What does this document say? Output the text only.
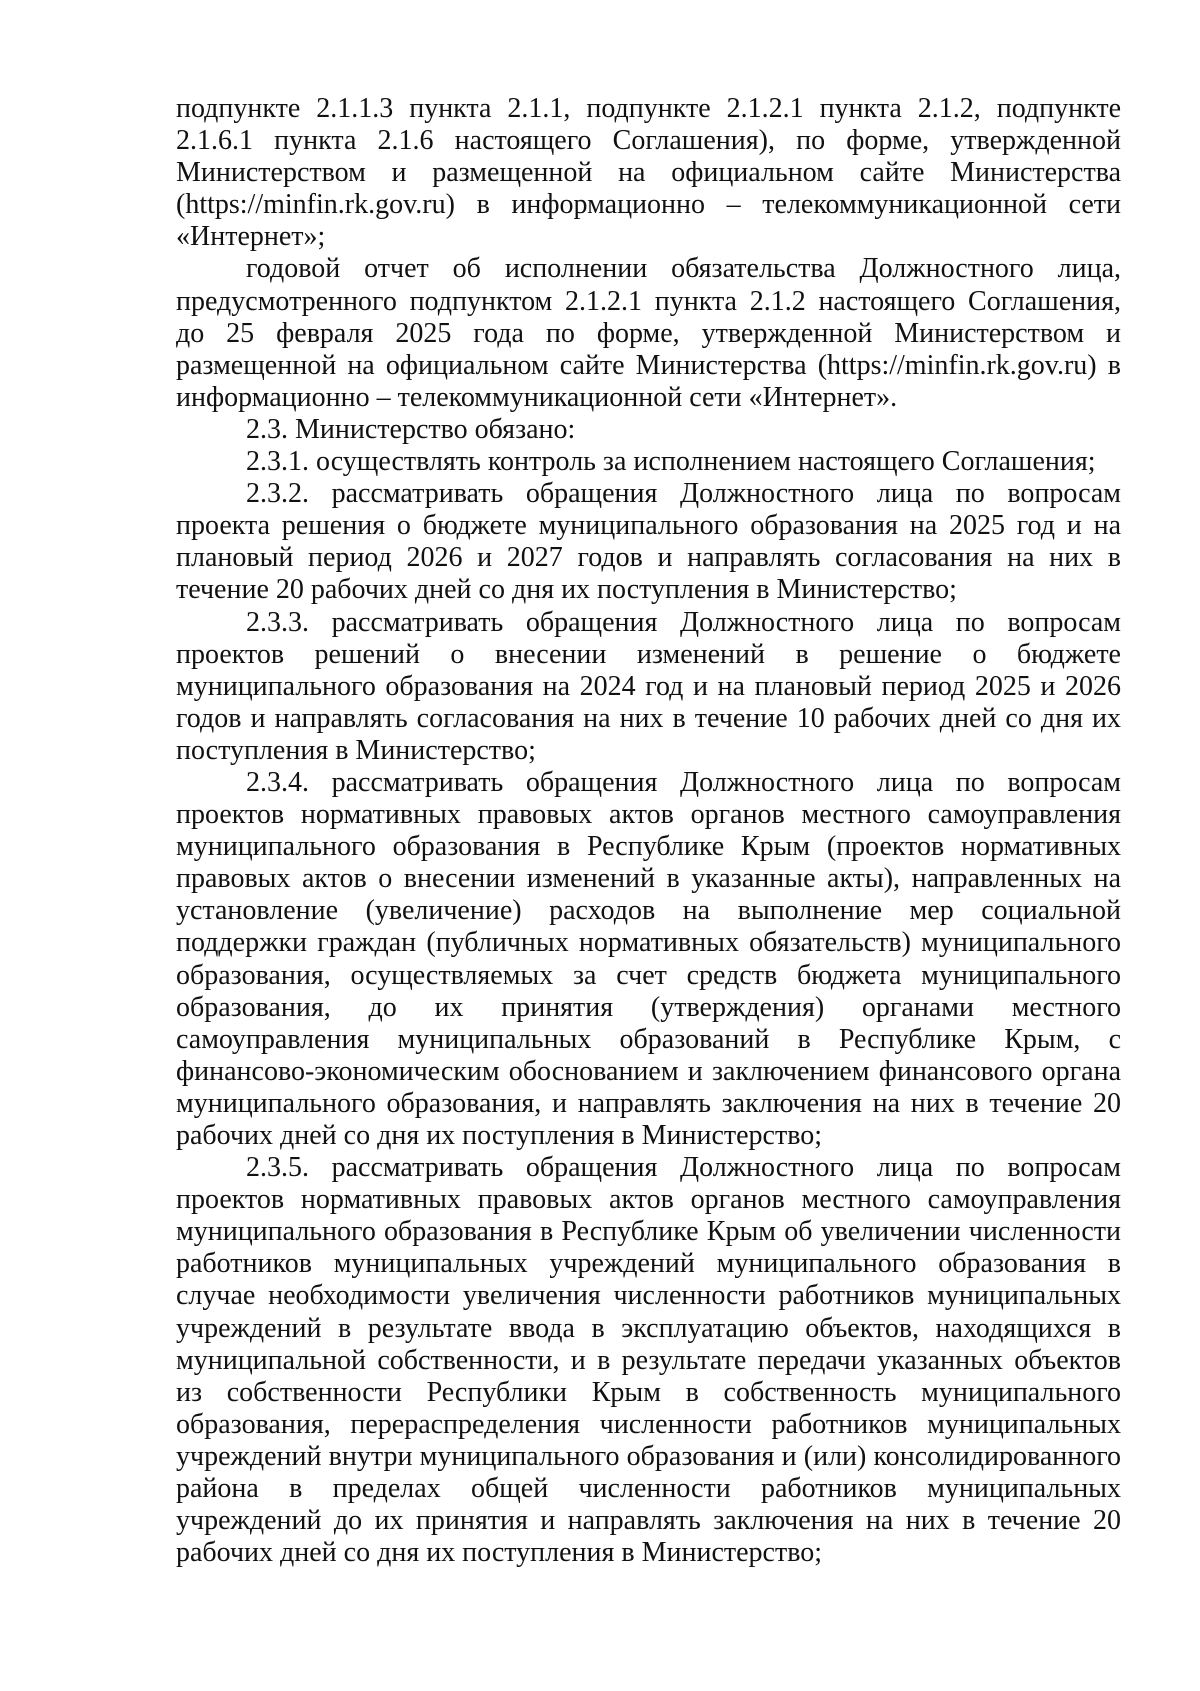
подпункте 2.1.1.3 пункта 2.1.1, подпункте 2.1.2.1 пункта 2.1.2, подпункте 2.1.6.1 пункта 2.1.6 настоящего Соглашения), по форме, утвержденной Министерством и размещенной на официальном сайте Министерства (https://minfin.rk.gov.ru) в информационно – телекоммуникационной сети «Интернет»;

годовой отчет об исполнении обязательства Должностного лица, предусмотренного подпунктом 2.1.2.1 пункта 2.1.2 настоящего Соглашения, до 25 февраля 2025 года по форме, утвержденной Министерством и размещенной на официальном сайте Министерства (https://minfin.rk.gov.ru) в информационно – телекоммуникационной сети «Интернет».

2.3. Министерство обязано:

2.3.1. осуществлять контроль за исполнением настоящего Соглашения;

2.3.2. рассматривать обращения Должностного лица по вопросам проекта решения о бюджете муниципального образования на 2025 год и на плановый период 2026 и 2027 годов и направлять согласования на них в течение 20 рабочих дней со дня их поступления в Министерство;

2.3.3. рассматривать обращения Должностного лица по вопросам проектов решений о внесении изменений в решение о бюджете муниципального образования на 2024 год и на плановый период 2025 и 2026 годов и направлять согласования на них в течение 10 рабочих дней со дня их поступления в Министерство;

2.3.4. рассматривать обращения Должностного лица по вопросам проектов нормативных правовых актов органов местного самоуправления муниципального образования в Республике Крым (проектов нормативных правовых актов о внесении изменений в указанные акты), направленных на установление (увеличение) расходов на выполнение мер социальной поддержки граждан (публичных нормативных обязательств) муниципального образования, осуществляемых за счет средств бюджета муниципального образования, до их принятия (утверждения) органами местного самоуправления муниципальных образований в Республике Крым, с финансово-экономическим обоснованием и заключением финансового органа муниципального образования, и направлять заключения на них в течение 20 рабочих дней со дня их поступления в Министерство;

2.3.5. рассматривать обращения Должностного лица по вопросам проектов нормативных правовых актов органов местного самоуправления муниципального образования в Республике Крым об увеличении численности работников муниципальных учреждений муниципального образования в случае необходимости увеличения численности работников муниципальных учреждений в результате ввода в эксплуатацию объектов, находящихся в муниципальной собственности, и в результате передачи указанных объектов из собственности Республики Крым в собственность муниципального образования, перераспределения численности работников муниципальных учреждений внутри муниципального образования и (или) консолидированного района в пределах общей численности работников муниципальных учреждений до их принятия и направлять заключения на них в течение 20 рабочих дней со дня их поступления в Министерство;
